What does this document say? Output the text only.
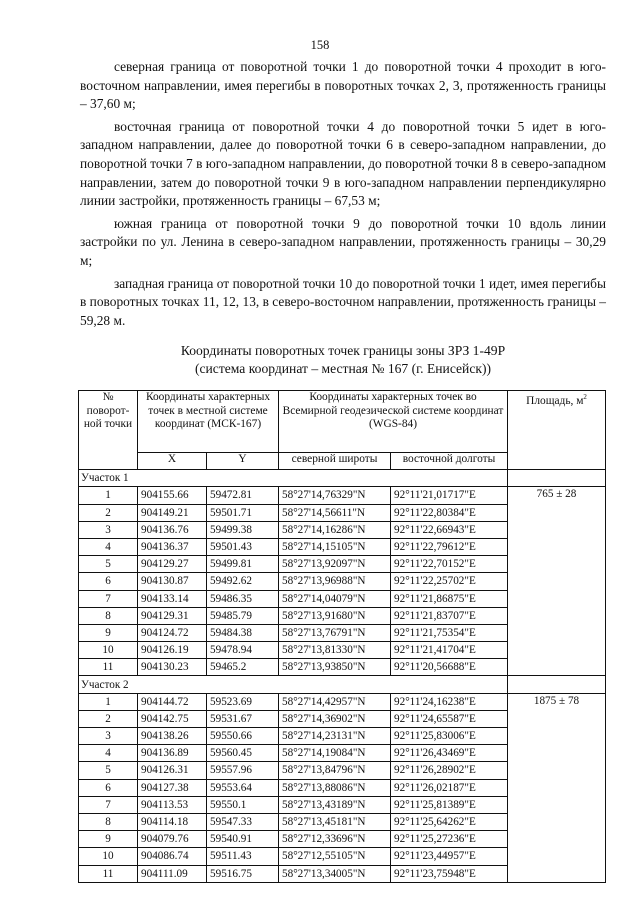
158

северная граница от поворотной точки 1 до поворотной точки 4 проходит в юго-восточном направлении, имея перегибы в поворотных точках 2, 3, протяженность границы – 37,60 м;

восточная граница от поворотной точки 4 до поворотной точки 5 идет в юго-западном направлении, далее до поворотной точки 6 в северо-западном направлении, до поворотной точки 7 в юго-западном направлении, до поворотной точки 8 в северо-западном направлении, затем до поворотной точки 9 в юго-западном направлении перпендикулярно линии застройки, протяженность границы – 67,53 м;

южная граница от поворотной точки 9 до поворотной точки 10 вдоль линии застройки по ул. Ленина в северо-западном направлении, протяженность границы – 30,29 м;

западная граница от поворотной точки 10 до поворотной точки 1 идет, имея перегибы в поворотных точках 11, 12, 13, в северо-восточном направлении, протяженность границы – 59,28 м.

Координаты поворотных точек границы зоны ЗРЗ 1-49Р
(система координат – местная № 167 (г. Енисейск))
№ поворот-ной точки	Координаты характерных точек в местной системе координат (МСК-167)		Координаты характерных точек во Всемирной геодезической системе координат (WGS-84)		Площадь, $м^2$
	X	Y	северной широты	восточной долготы	
Участок 1					
1	904155.66	59472.81	58°27'14,76329"N	92°11'21,01717"E	765 ± 28
2	904149.21	59501.71	58°27'14,56611"N	92°11'22,80384"E	
3	904136.76	59499.38	58°27'14,16286"N	92°11'22,66943"E	
4	904136.37	59501.43	58°27'14,15105"N	92°11'22,79612"E	
5	904129.27	59499.81	58°27'13,92097"N	92°11'22,70152"E	
6	904130.87	59492.62	58°27'13,96988"N	92°11'22,25702"E	
7	904133.14	59486.35	58°27'14,04079"N	92°11'21,86875"E	
8	904129.31	59485.79	58°27'13,91680"N	92°11'21,83707"E	
9	904124.72	59484.38	58°27'13,76791"N	92°11'21,75354"E	
10	904126.19	59478.94	58°27'13,81330"N	92°11'21,41704"E	
11	904130.23	59465.2	58°27'13,93850"N	92°11'20,56688"E	
Участок 2					
1	904144.72	59523.69	58°27'14,42957"N	92°11'24,16238"E	1875 ± 78
2	904142.75	59531.67	58°27'14,36902"N	92°11'24,65587"E	
3	904138.26	59550.66	58°27'14,23131"N	92°11'25,83006"E	
4	904136.89	59560.45	58°27'14,19084"N	92°11'26,43469"E	
5	904126.31	59557.96	58°27'13,84796"N	92°11'26,28902"E	
6	904127.38	59553.64	58°27'13,88086"N	92°11'26,02187"E	
7	904113.53	59550.1	58°27'13,43189"N	92°11'25,81389"E	
8	904114.18	59547.33	58°27'13,45181"N	92°11'25,64262"E	
9	904079.76	59540.91	58°27'12,33696"N	92°11'25,27236"E	
10	904086.74	59511.43	58°27'12,55105"N	92°11'23,44957"E	
11	904111.09	59516.75	58°27'13,34005"N	92°11'23,75948"E	
